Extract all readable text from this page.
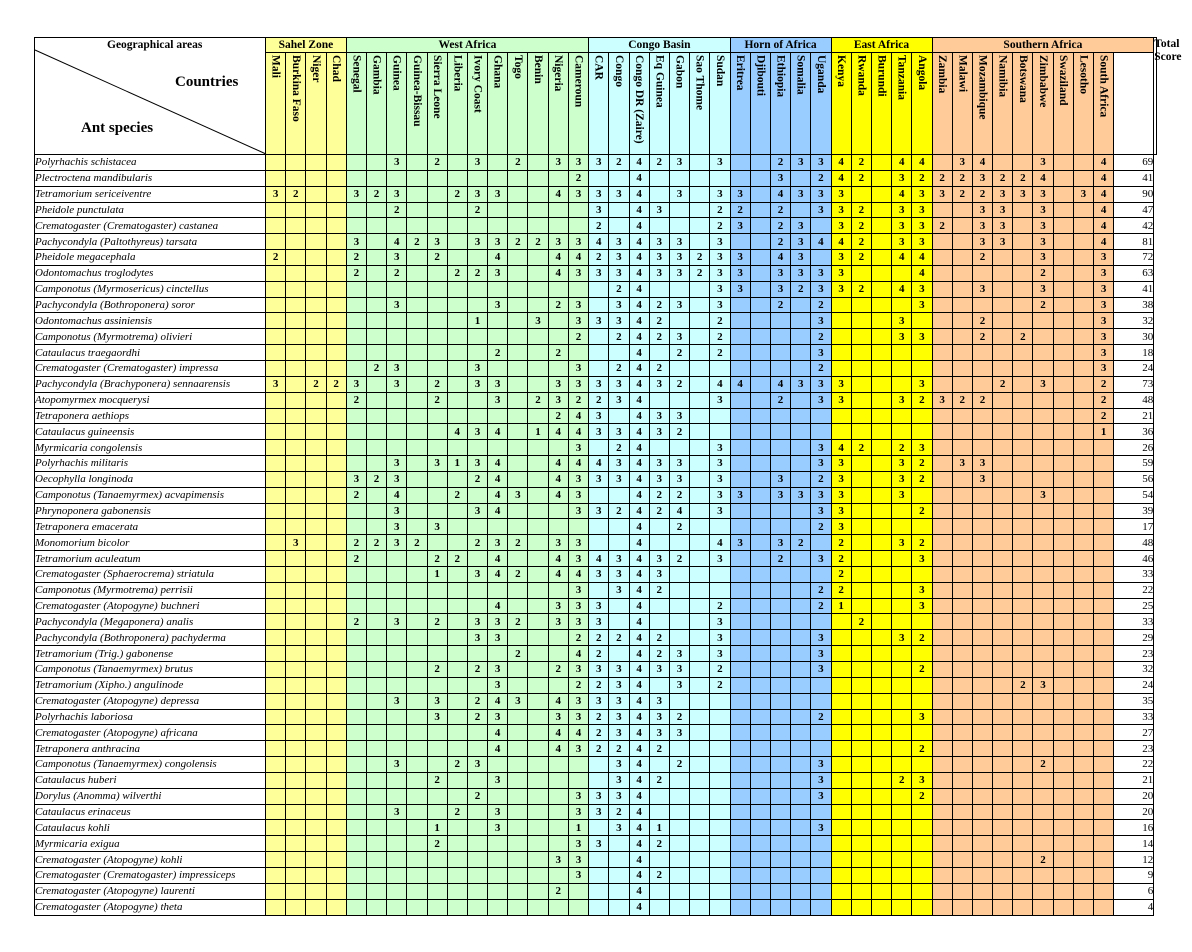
Geographical areas
Countries
Ant species	Sahel Zone				West Africa												Congo Basin							Horn of Africa					East Africa					Southern Africa										Total Score
	Mali	Burkina Faso	Niger	Chad	Senegal	Gambia	Guinea	Guinea-Bissau	Sierra Leone	Liberia	Ivory Coast	Ghana	Togo	Benin	Nigeria	Cameroun	CAR	Congo	Congo DR (Zaire)	Eq Guinea	Gabon	Sao Thome	Sudan	Eritrea	Djibouti	Ethiopia	Somalia	Uganda	Kenya	Rwanda	Burundi	Tanzania	Angola	Zambia	Malawi	Mozambique	Namibia	Botswana	Zimbabwe	Swaziland	Lesotho	South Africa		
Polyrhachis schistacea							3		2		3		2		3	3	3	2	4	2	3		3			2	3	3	4	2		4	4		3	4			3			4	69	
Plectroctena mandibularis																2			4							3		2	4	2		3	2	2	2	3	2	2	4			4	41	
Tetramorium sericeiventre	3	2			3	2	3			2	3	3			4	3	3	3	4		3		3	3		4	3	3	3			4	3	3	2	2	3	3	3		3	4	90	
Pheidole punctulata							2				2						3		4	3			2	2		2		3	3	2		3	3			3	3		3			4	47	
Crematogaster (Crematogaster) castanea																	2		4				2	3		2	3		3	2		3	3	2		3	3		3			4	42	
Pachycondyla (Paltothyreus) tarsata					3		4	2	3		3	3	2	2	3	3	4	3	4	3	3		3			2	3	4	4	2		3	3			3	3		3			4	81	
Pheidole megacephala	2				2		3		2			4			4	4	2	3	4	3	3	2	3	3		4	3		3	2		4	4			2			3			3	72	
Odontomachus troglodytes					2		2			2	2	3			4	3	3	3	4	3	3	2	3	3		3	3	3	3				4						2			3	63	
Camponotus (Myrmosericus) cinctellus																		2	4				3	3		3	2	3	3	2		4	3			3			3			3	41	
Pachycondyla (Bothroponera) soror							3					3			2	3		3	4	2	3		3			2		2					3						2			3	38	
Odontomachus assiniensis											1			3		3	3	3	4	2			2					3				3				2						3	32	
Camponotus (Myrmotrema) olivieri																2		2	4	2	3		2					2				3	3			2		2				3	30	
Cataulacus traegaordhi												2			2				4		2		2					3														3	18	
Crematogaster (Crematogaster) impressa						2	3				3					3		2	4	2								2														3	24	
Pachycondyla (Brachyponera) sennaarensis	3		2	2	3		3		2		3	3			3	3	3	3	4	3	2		4	4		4	3	3	3				3				2		3			2	73	
Atopomyrmex mocquerysi					2				2			3		2	3	2	2	3	4				3			2		3	3			3	2	3	2	2						2	48	
Tetraponera aethiops															2	4	3		4	3	3																					2	21	
Cataulacus guineensis										4	3	4		1	4	4	3	3	4	3	2																					1	36	
Myrmicaria congolensis																3		2	4				3					3	4	2		2	3										26	
Polyrhachis militaris							3		3	1	3	4			4	4	4	3	4	3	3		3					3	3			3	2		3	3							59	
Oecophylla longinoda					3	2	3				2	4			4	3	3	3	4	3	3		3			3		2	3			3	2			3							56	
Camponotus (Tanaemyrmex) acvapimensis					2		4			2		4	3		4	3			4	2	2		3	3		3	3	3	3			3							3				54	
Phrynoponera gabonensis							3				3	4				3	3	2	4	2	4		3					3	3				2										39	
Tetraponera emacerata							3		3										4		2							2	3														17	
Monomorium bicolor		3			2	2	3	2			2	3	2		3	3			4				4	3		3	2		2			3	2										48	
Tetramorium aculeatum					2				2	2		4			4	3	4	3	4	3	2		3			2		3	2				3										46	
Crematogaster (Sphaerocrema) striatula									1		3	4	2		4	4	3	3	4	3									2														33	
Camponotus (Myrmotrema) perrisii																3		3	4	2								2	2				3										22	
Crematogaster (Atopogyne) buchneri												4			3	3	3		4				2					2	1				3										25	
Pachycondyla (Megaponera) analis					2		3		2		3	3	2		3	3	3		4				3							2													33	
Pachycondyla (Bothroponera) pachyderma											3	3				2	2	2	4	2			3					3				3	2										29	
Tetramorium (Trig.) gabonense													2			4	2		4	2	3		3					3															23	
Camponotus (Tanaemyrmex) brutus									2		2	3			2	3	3	3	4	3	3		2					3					2										32	
Tetramorium (Xipho.) angulinode												3				2	2	3	4		3		2															2	3				24	
Crematogaster (Atopogyne) depressa							3		3		2	4	3		4	3	3	3	4	3																							35	
Polyrhachis laboriosa									3		2	3			3	3	2	3	4	3	2							2					3										33	
Crematogaster (Atopogyne) africana												4			4	4	2	3	4	3	3																						27	
Tetraponera anthracina												4			4	3	2	2	4	2													2										23	
Camponotus (Tanaemyrmex) congolensis							3			2	3							3	4		2							3											2				22	
Cataulacus huberi									2			3						3	4	2								3				2	3										21	
Dorylus (Anomma) wilverthi											2					3	3	3	4									3					2										20	
Cataulacus erinaceus							3			2		3				3	3	2	4																								20	
Cataulacus kohli									1			3				1		3	4	1								3															16	
Myrmicaria exigua									2							3	3		4	2																							14	
Crematogaster (Atopogyne) kohli															3	3			4																				2				12	
Crematogaster (Crematogaster) impressiceps																3			4	2																							9	
Crematogaster (Atopogyne) laurenti															2				4																								6	
Crematogaster (Atopogyne) theta																			4																								4	
